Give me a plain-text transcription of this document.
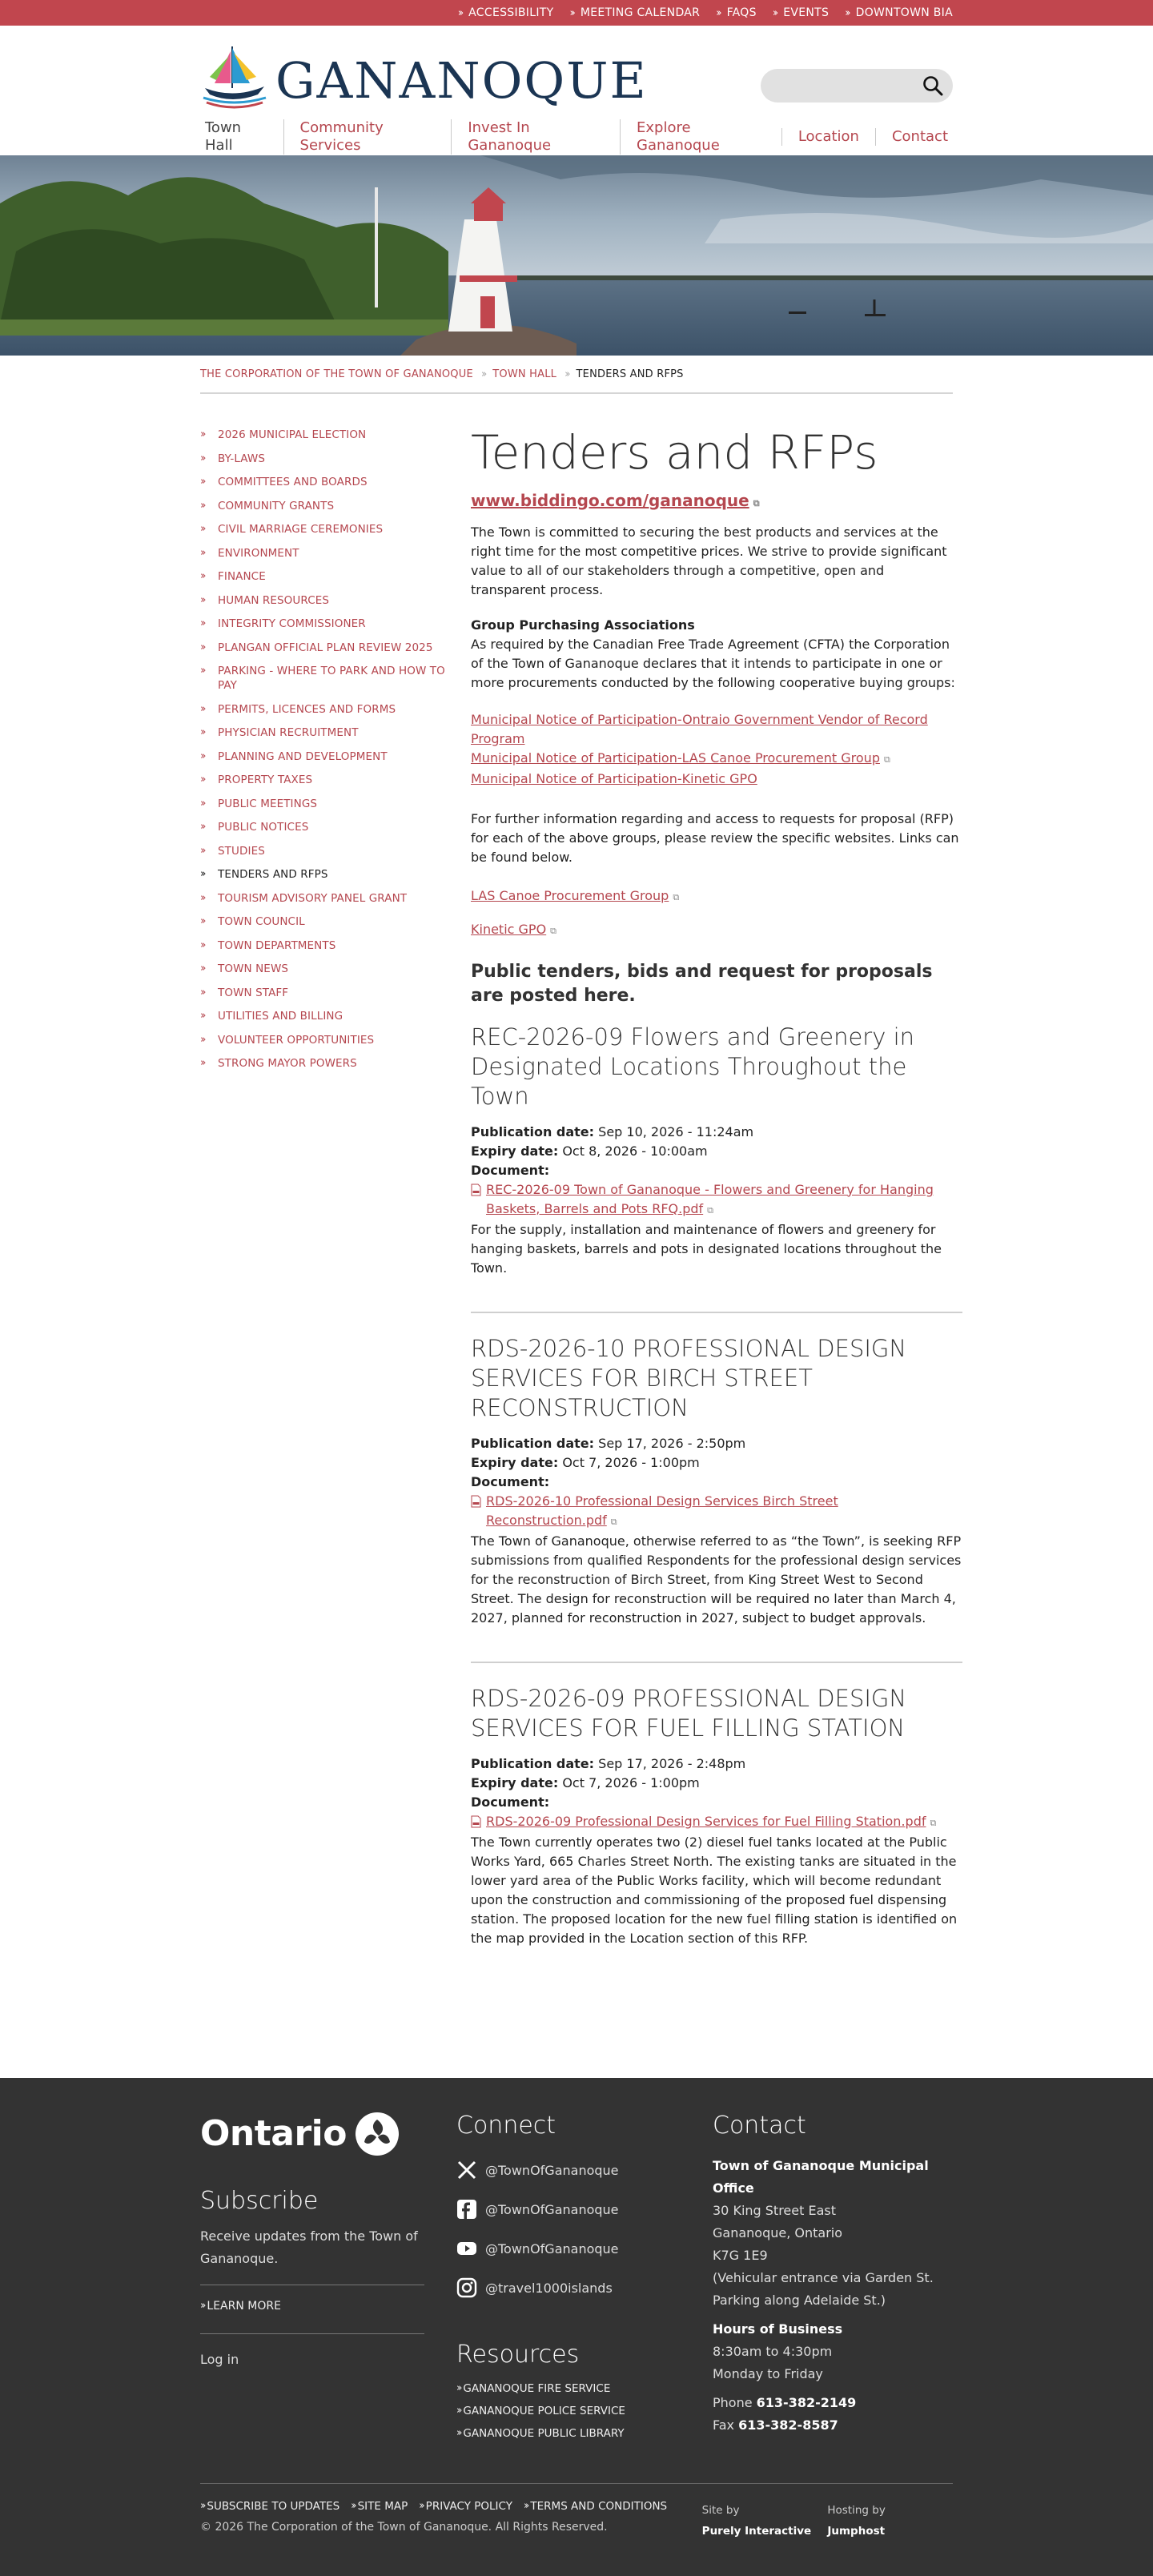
›› ACCESSIBILITY ›› MEETING CALENDAR ›› FAQS ›› EVENTS ›› DOWNTOWN BIA
GANANOQUE
Town Hall
Community Services
Invest In Gananoque
Explore Gananoque
Location	Contact
THE CORPORATION OF THE TOWN OF GANANOQUE ›› TOWN HALL ›› TENDERS AND RFPS
››	2026 MUNICIPAL ELECTION
››	BY-LAWS
››	COMMITTEES AND BOARDS
››	COMMUNITY GRANTS
››	CIVIL MARRIAGE CEREMONIES
››	ENVIRONMENT
››	FINANCE
››	HUMAN RESOURCES
››	INTEGRITY COMMISSIONER
››	PLANGAN OFFICIAL PLAN REVIEW 2025
››	PARKING - WHERE TO PARK AND HOW TO PAY
››	PERMITS, LICENCES AND FORMS
››	PHYSICIAN RECRUITMENT
››	PLANNING AND DEVELOPMENT
››	PROPERTY TAXES
››	PUBLIC MEETINGS
››	PUBLIC NOTICES
››	STUDIES
››	TENDERS AND RFPS
››	TOURISM ADVISORY PANEL GRANT
››	TOWN COUNCIL
››	TOWN DEPARTMENTS
››	TOWN NEWS
››	TOWN STAFF
››	UTILITIES AND BILLING
››	VOLUNTEER OPPORTUNITIES
››	STRONG MAYOR POWERS
Tenders and RFPs
www.biddingo.com/gananoque ⧉

The Town is committed to securing the best products and services at the right time for the most competitive prices. We strive to provide significant value to all of our stakeholders through a competitive, open and transparent process.

Group Purchasing Associations

As required by the Canadian Free Trade Agreement (CFTA) the Corporation of the Town of Gananoque declares that it intends to participate in one or more procurements conducted by the following cooperative buying groups:

Municipal Notice of Participation-Ontraio Government Vendor of Record Program
Municipal Notice of Participation-LAS Canoe Procurement Group ⧉
Municipal Notice of Participation-Kinetic GPO

For further information regarding and access to requests for proposal (RFP) for each of the above groups, please review the specific websites. Links can be found below.

LAS Canoe Procurement Group ⧉
Kinetic GPO ⧉
Public tenders, bids and request for proposals are posted here.
REC-2026-09 Flowers and Greenery in Designated Locations Throughout the Town

Publication date: Sep 10, 2026 - 11:24am

Expiry date: Oct 8, 2026 - 10:00am

Document:

REC-2026-09 Town of Gananoque - Flowers and Greenery for Hanging Baskets, Barrels and Pots RFQ.pdf ⧉

For the supply, installation and maintenance of flowers and greenery for hanging baskets, barrels and pots in designated locations throughout the Town.

RDS-2026-10 PROFESSIONAL DESIGN SERVICES FOR BIRCH STREET RECONSTRUCTION

Publication date: Sep 17, 2026 - 2:50pm

Expiry date: Oct 7, 2026 - 1:00pm

Document:

RDS-2026-10 Professional Design Services Birch Street Reconstruction.pdf ⧉

The Town of Gananoque, otherwise referred to as “the Town”, is seeking RFP submissions from qualified Respondents for the professional design services for the reconstruction of Birch Street, from King Street West to Second Street. The design for reconstruction will be required no later than March 4, 2027, planned for reconstruction in 2027, subject to budget approvals.

RDS-2026-09 PROFESSIONAL DESIGN SERVICES FOR FUEL FILLING STATION

Publication date: Sep 17, 2026 - 2:48pm

Expiry date: Oct 7, 2026 - 1:00pm

Document:

RDS-2026-09 Professional Design Services for Fuel Filling Station.pdf ⧉

The Town currently operates two (2) diesel fuel tanks located at the Public Works Yard, 665 Charles Street North. The existing tanks are situated in the lower yard area of the Public Works facility, which will become redundant upon the construction and commissioning of the proposed fuel dispensing station. The proposed location for the new fuel filling station is identified on the map provided in the Location section of this RFP.

Ontario
Subscribe

Receive updates from the Town of Gananoque.

›› LEARN MORE
Log in
Connect
@TownOfGananoque
@TownOfGananoque
@TownOfGananoque
@travel1000islands
Resources
›› GANANOQUE FIRE SERVICE
›› GANANOQUE POLICE SERVICE
›› GANANOQUE PUBLIC LIBRARY
Contact

Town of Gananoque Municipal Office

30 King Street East

Gananoque, Ontario

K7G 1E9

(Vehicular entrance via Garden St.

Parking along Adelaide St.)

Hours of Business

8:30am to 4:30pm

Monday to Friday

Phone 613-382-2149

Fax 613-382-8587

›› SUBSCRIBE TO UPDATES ›› SITE MAP ›› PRIVACY POLICY ›› TERMS AND CONDITIONS

© 2026 The Corporation of the Town of Gananoque. All Rights Reserved.

Site by
Purely Interactive
Hosting by
Jumphost
